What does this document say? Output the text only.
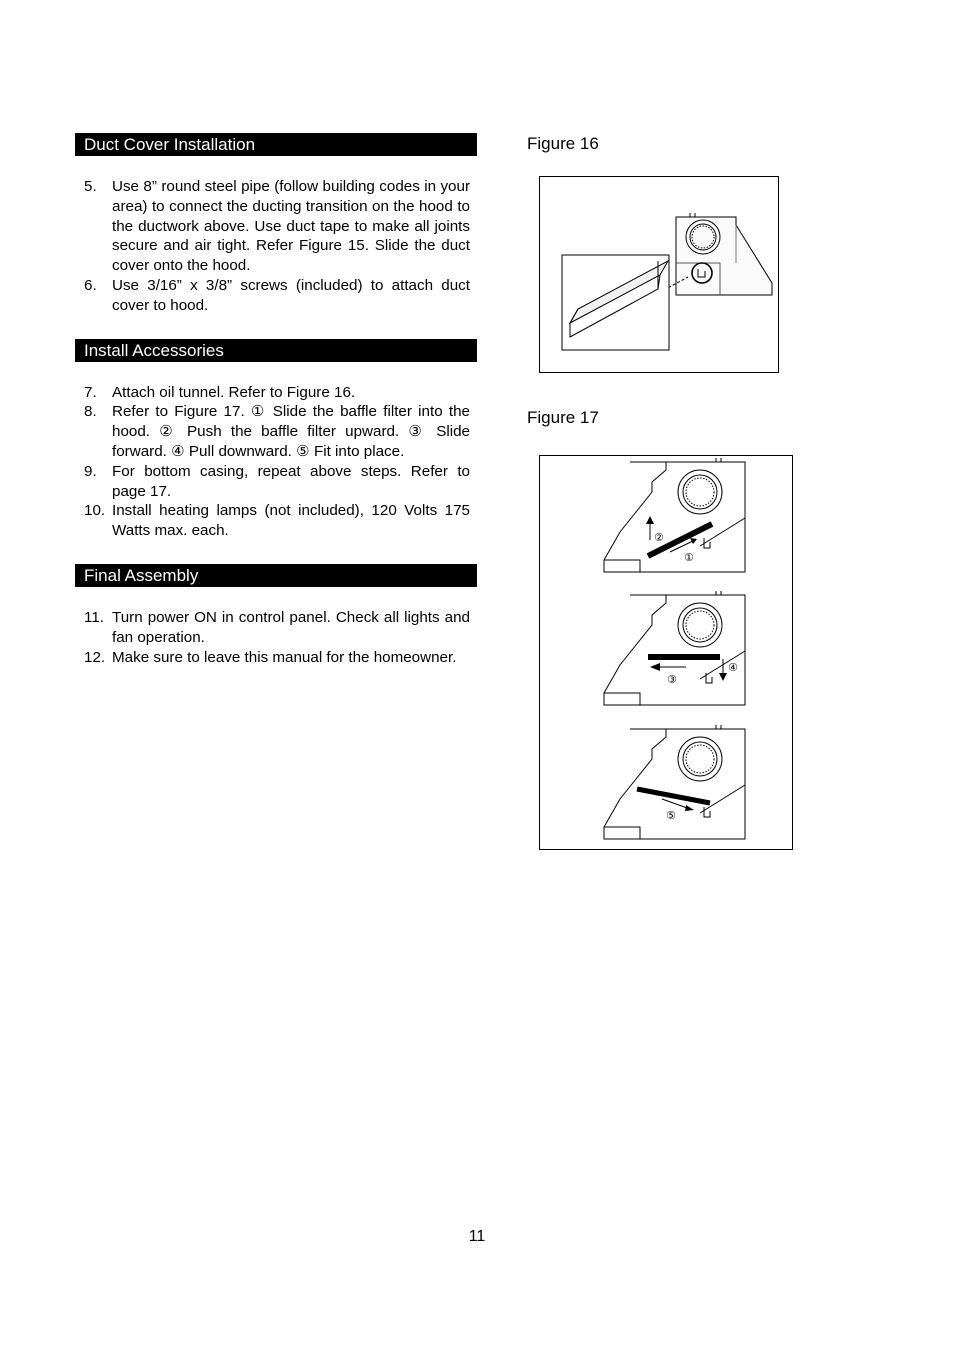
Duct Cover Installation
5. Use 8” round steel pipe (follow building codes in your area) to connect the ducting transition on the hood to the ductwork above. Use duct tape to make all joints secure and air tight. Refer Figure 15. Slide the duct cover onto the hood.
6. Use 3/16” x 3/8” screws (included) to attach duct cover to hood.
Install Accessories
7. Attach oil tunnel. Refer to Figure 16.
8. Refer to Figure 17. ① Slide the baffle filter into the hood. ② Push the baffle filter upward. ③ Slide forward. ④ Pull downward. ⑤ Fit into place.
9. For bottom casing, repeat above steps. Refer to page 17.
10. Install heating lamps (not included), 120 Volts 175 Watts max. each.
Final Assembly
11. Turn power ON in control panel. Check all lights and fan operation.
12. Make sure to leave this manual for the homeowner.
Figure 16
Figure 17
②
①
③
④
⑤
11
